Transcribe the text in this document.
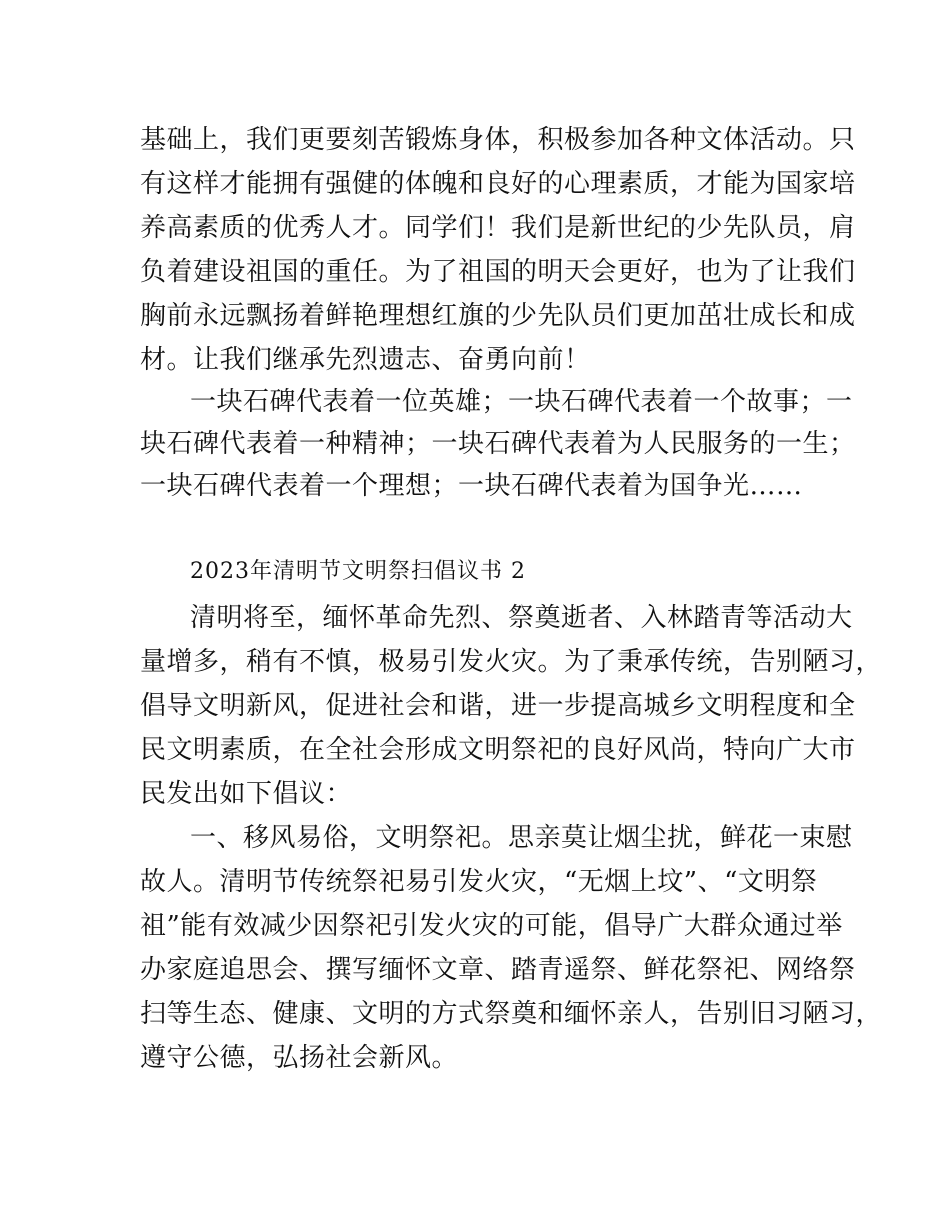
基础上，我们更要刻苦锻炼身体，积极参加各种文体活动。只
有这样才能拥有强健的体魄和良好的心理素质，才能为国家培
养高素质的优秀人才。同学们！我们是新世纪的少先队员，肩
负着建设祖国的重任。为了祖国的明天会更好，也为了让我们
胸前永远飘扬着鲜艳理想红旗的少先队员们更加茁壮成长和成
材。让我们继承先烈遗志、奋勇向前！
一块石碑代表着一位英雄；一块石碑代表着一个故事；一
块石碑代表着一种精神；一块石碑代表着为人民服务的一生；
一块石碑代表着一个理想；一块石碑代表着为国争光……
2023年清明节文明祭扫倡议书 2
清明将至，缅怀革命先烈、祭奠逝者、入林踏青等活动大
量增多，稍有不慎，极易引发火灾。为了秉承传统，告别陋习，
倡导文明新风，促进社会和谐，进一步提高城乡文明程度和全
民文明素质，在全社会形成文明祭祀的良好风尚，特向广大市
民发出如下倡议：
一、移风易俗，文明祭祀。思亲莫让烟尘扰，鲜花一束慰
故人。清明节传统祭祀易引发火灾，“无烟上坟”、“文明祭
祖”能有效减少因祭祀引发火灾的可能，倡导广大群众通过举
办家庭追思会、撰写缅怀文章、踏青遥祭、鲜花祭祀、网络祭
扫等生态、健康、文明的方式祭奠和缅怀亲人，告别旧习陋习，
遵守公德，弘扬社会新风。
